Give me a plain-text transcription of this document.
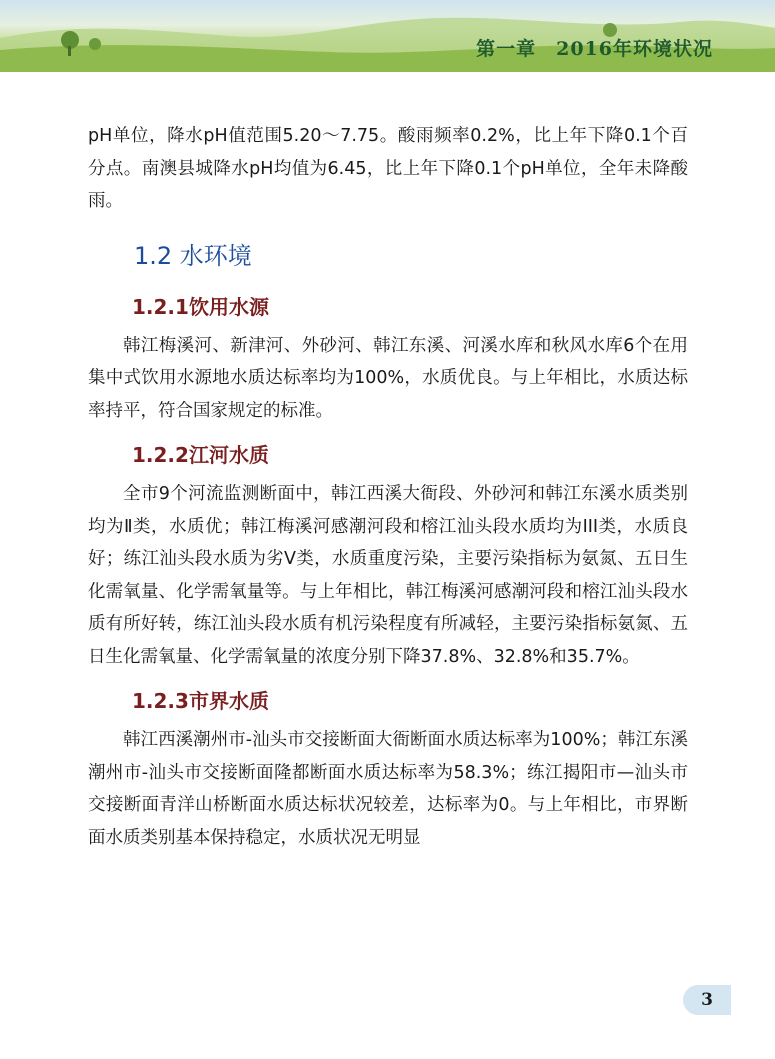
第一章　2016年环境状况

pH单位，降水pH值范围5.20～7.75。酸雨频率0.2%，比上年下降0.1个百分点。南澳县城降水pH均值为6.45，比上年下降0.1个pH单位，全年未降酸雨。

1.2 水环境
1.2.1饮用水源

韩江梅溪河、新津河、外砂河、韩江东溪、河溪水库和秋风水库6个在用集中式饮用水源地水质达标率均为100%，水质优良。与上年相比，水质达标率持平，符合国家规定的标准。

1.2.2江河水质

全市9个河流监测断面中，韩江西溪大衙段、外砂河和韩江东溪水质类别均为Ⅱ类，水质优；韩江梅溪河感潮河段和榕江汕头段水质均为III类，水质良好；练江汕头段水质为劣Ⅴ类，水质重度污染，主要污染指标为氨氮、五日生化需氧量、化学需氧量等。与上年相比，韩江梅溪河感潮河段和榕江汕头段水质有所好转，练江汕头段水质有机污染程度有所减轻，主要污染指标氨氮、五日生化需氧量、化学需氧量的浓度分别下降37.8%、32.8%和35.7%。

1.2.3市界水质

韩江西溪潮州市-汕头市交接断面大衙断面水质达标率为100%；韩江东溪潮州市-汕头市交接断面隆都断面水质达标率为58.3%；练江揭阳市—汕头市交接断面青洋山桥断面水质达标状况较差，达标率为0。与上年相比，市界断面水质类别基本保持稳定，水质状况无明显

3
